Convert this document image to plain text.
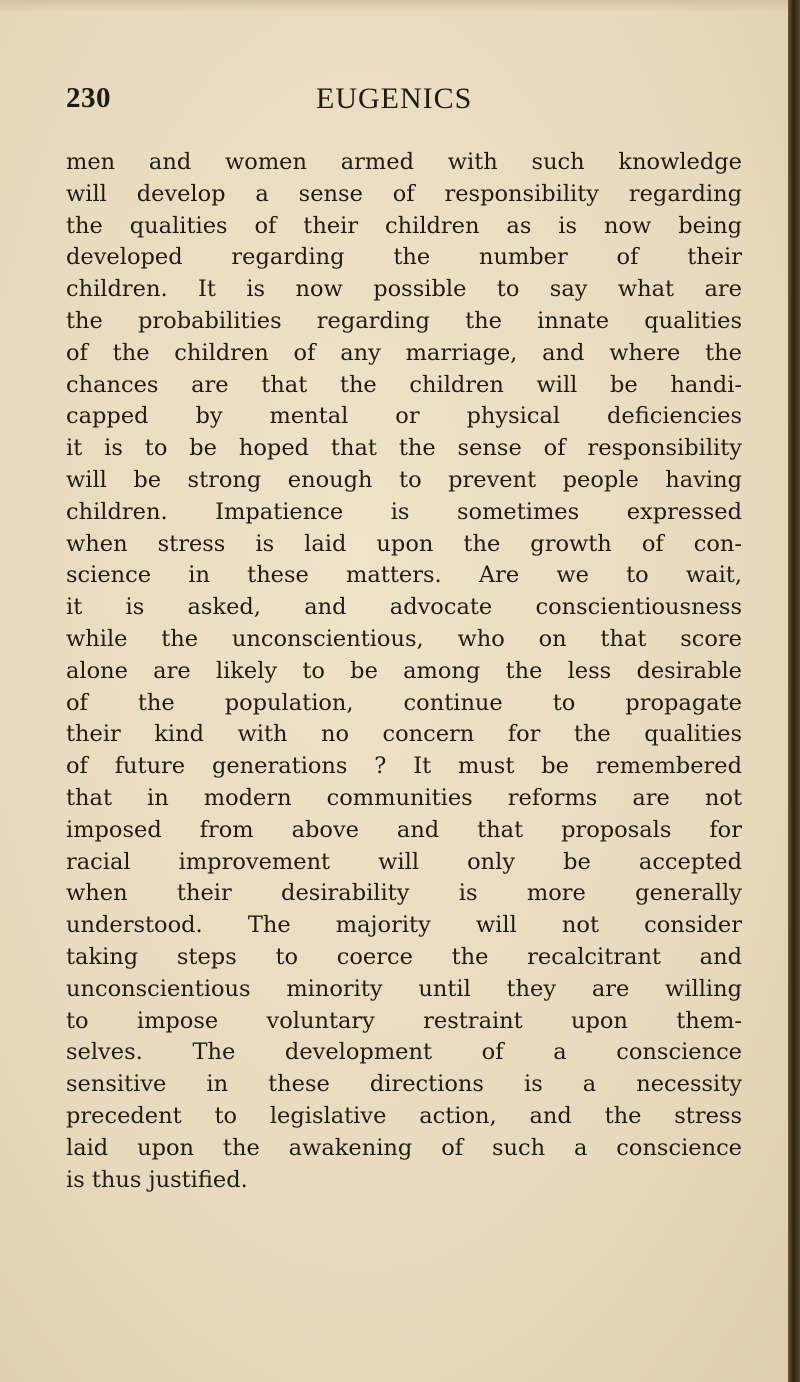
230	EUGENICS
men and women armed with such knowledge
will develop a sense of responsibility regarding
the qualities of their children as is now being
developed regarding the number of their
children. It is now possible to say what are
the probabilities regarding the innate qualities
of the children of any marriage, and where the
chances are that the children will be handi-
capped by mental or physical deficiencies
it is to be hoped that the sense of responsibility
will be strong enough to prevent people having
children. Impatience is sometimes expressed
when stress is laid upon the growth of con-
science in these matters. Are we to wait,
it is asked, and advocate conscientiousness
while the unconscientious, who on that score
alone are likely to be among the less desirable
of the population, continue to propagate
their kind with no concern for the qualities
of future generations ? It must be remembered
that in modern communities reforms are not
imposed from above and that proposals for
racial improvement will only be accepted
when their desirability is more generally
understood. The majority will not consider
taking steps to coerce the recalcitrant and
unconscientious minority until they are willing
to impose voluntary restraint upon them-
selves. The development of a conscience
sensitive in these directions is a necessity
precedent to legislative action, and the stress
laid upon the awakening of such a conscience
is thus justified.
